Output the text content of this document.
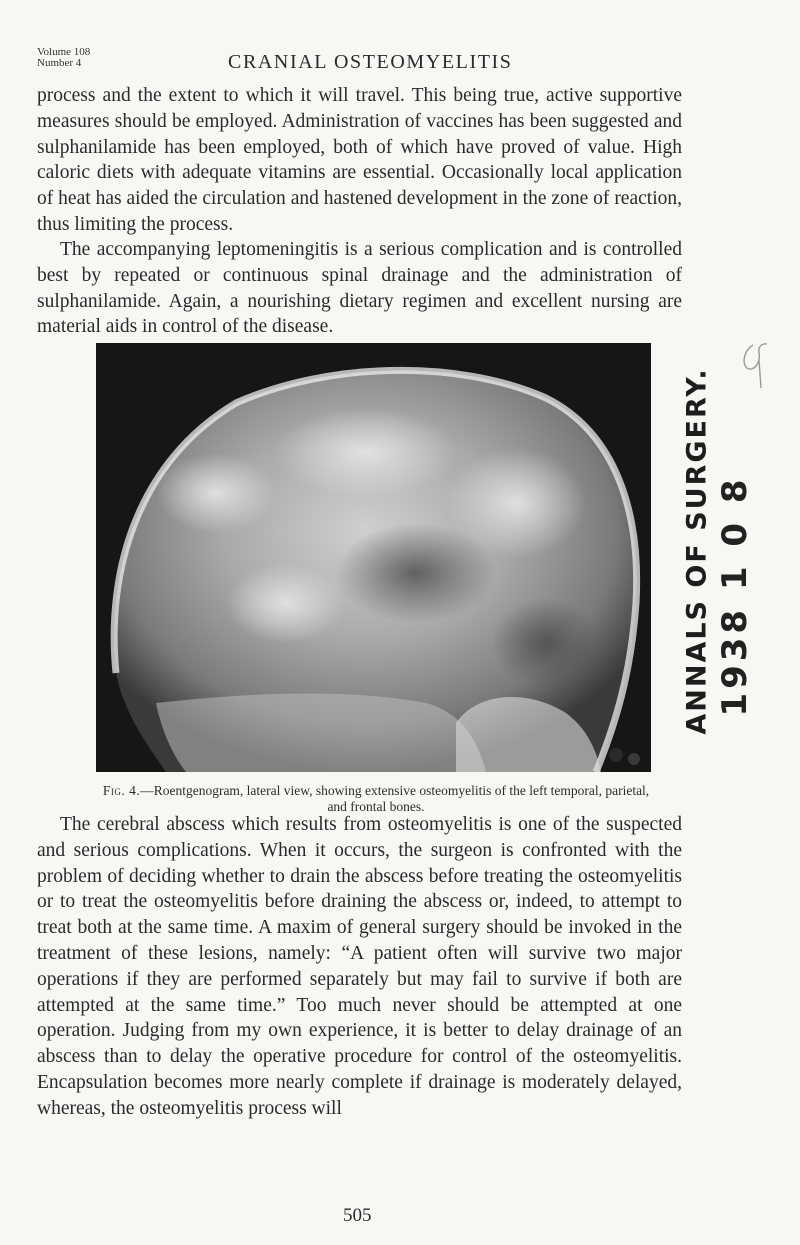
Volume 108
Number 4	CRANIAL OSTEOMYELITIS

process and the extent to which it will travel. This being true, active supportive measures should be employed. Administration of vaccines has been suggested and sulphanilamide has been employed, both of which have proved of value. High caloric diets with adequate vitamins are essential. Occasionally local application of heat has aided the circulation and hastened development in the zone of reaction, thus limiting the process.

The accompanying leptomeningitis is a serious complication and is controlled best by repeated or continuous spinal drainage and the administration of sulphanilamide. Again, a nourishing dietary regimen and excellent nursing are material aids in control of the disease.

Fig. 4.—Roentgenogram, lateral view, showing extensive osteomyelitis of the left temporal, parietal, and frontal bones.

The cerebral abscess which results from osteomyelitis is one of the suspected and serious complications. When it occurs, the surgeon is confronted with the problem of deciding whether to drain the abscess before treating the osteomyelitis or to treat the osteomyelitis before draining the abscess or, indeed, to attempt to treat both at the same time. A maxim of general surgery should be invoked in the treatment of these lesions, namely: “A patient often will survive two major operations if they are performed separately but may fail to survive if both are attempted at the same time.” Too much never should be attempted at one operation. Judging from my own experience, it is better to delay drainage of an abscess than to delay the operative procedure for control of the osteomyelitis. Encapsulation becomes more nearly complete if drainage is moderately delayed, whereas, the osteomyelitis process will

505
ANNALS OF SURGERY. 1938 1 0 8
